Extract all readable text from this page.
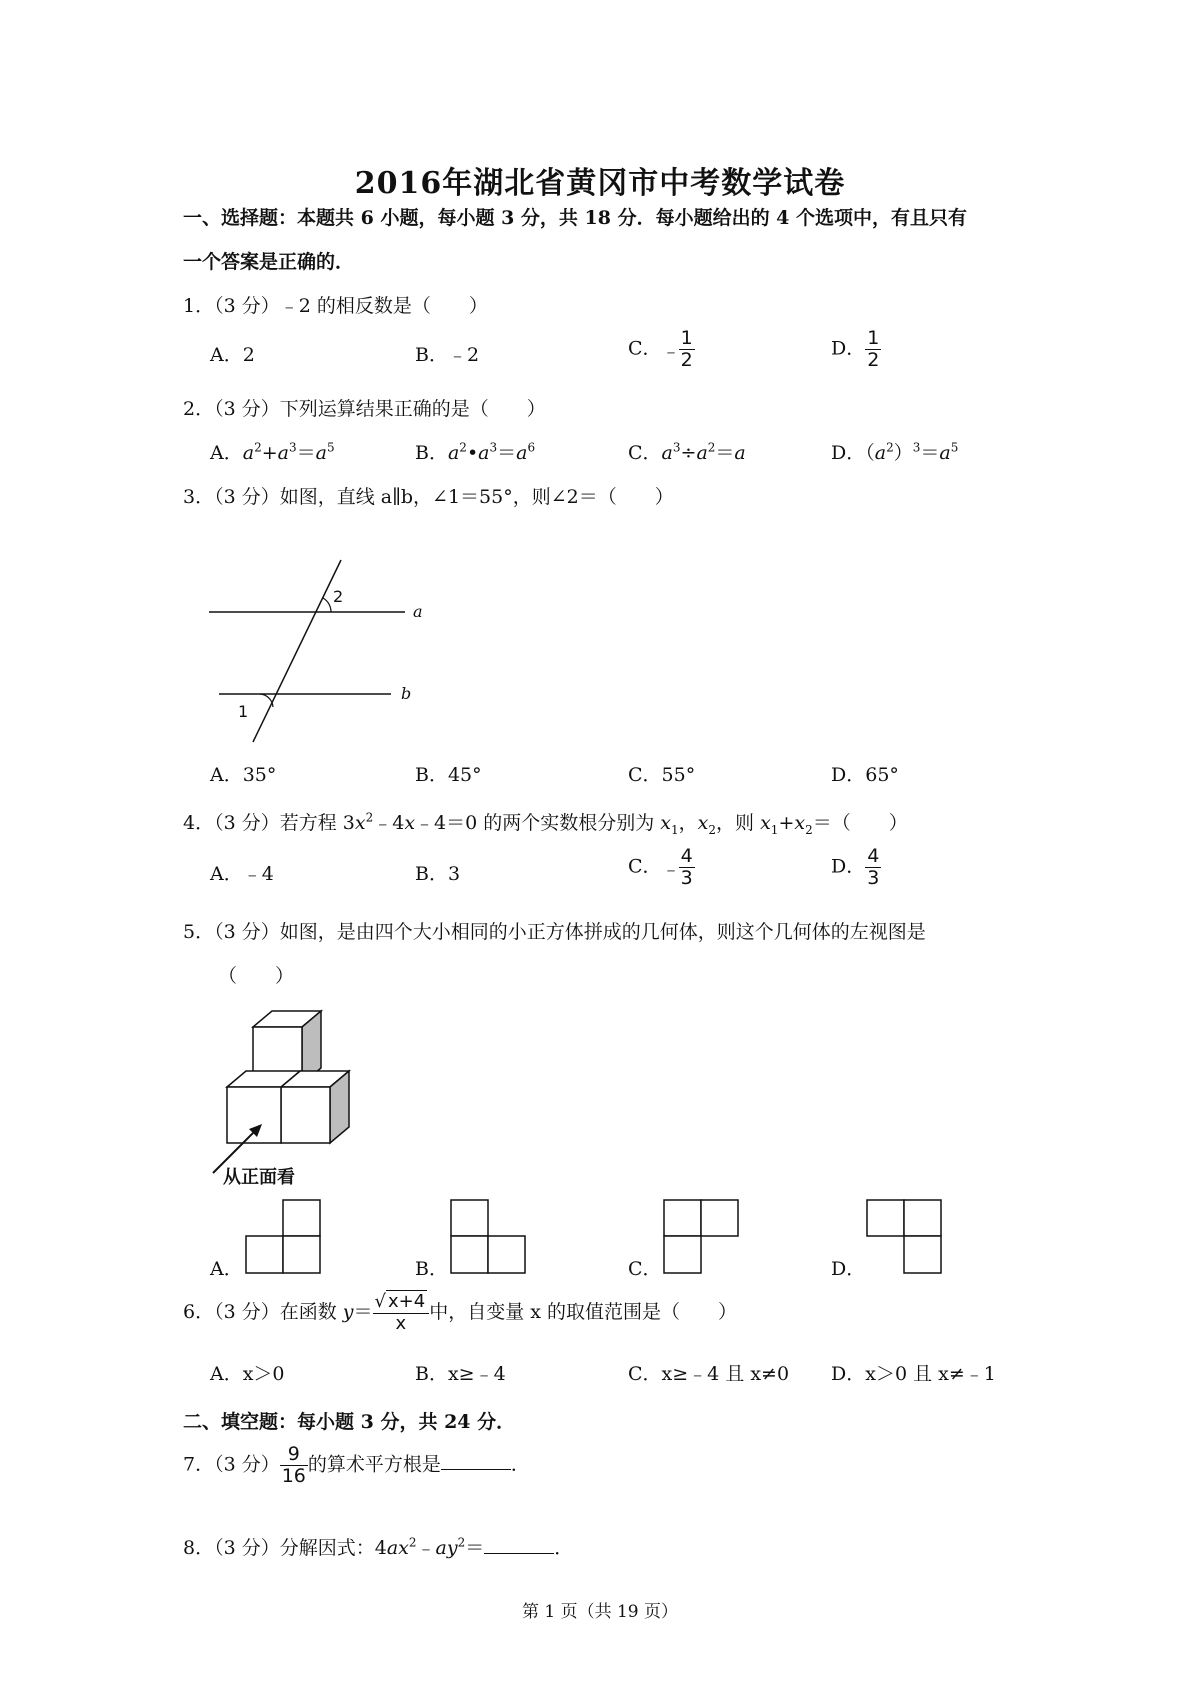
2016年湖北省黄冈市中考数学试卷
一、选择题：本题共 6 小题，每小题 3 分，共 18 分．每小题给出的 4 个选项中，有且只有
一个答案是正确的．
1．（3 分）﹣2 的相反数是（　　）
A．2	B．﹣2	C．﹣
$\frac{1}{2}$	D． $\frac{1}{2}$
2．（3 分）下列运算结果正确的是（　　）
A．$a^2+a^3=a^5$	B．$a^2•a^3=a^6$	C．$a^3\div a^2=a$	D．$(a^2)^3=a^5$
3．（3 分）如图，直线 a∥b，∠1＝55°，则∠2＝（　　）
2
1
a
b
A．35°	B．45°	C．55°	D．65°
4．（3 分）若方程 $3x^2﹣4x﹣4=0$ 的两个实数根分别为 $x_1$，$x_2$，则 $x_1+x_2=$（　　）
A．﹣4	B．3	C．﹣
$\frac{4}{3}$	D． $\frac{4}{3}$
5．（3 分）如图，是由四个大小相同的小正方体拼成的几何体，则这个几何体的左视图是
（　　）
从正面看
A．	B．	C．	D．
6．（3 分）在函数 $y= \frac{√ x+4}{x}$中，自变量 x 的取值范围是（　　）
A．x＞0	B．x≥﹣4	C．x≥﹣4 且 x≠0 D．x＞0 且 x≠﹣1
二、填空题：每小题 3 分，共 24 分．
7．（3 分） $\frac{9}{16}$ 的算术平方根是	．
8．（3 分）分解因式：$4ax^2﹣ay^2=$	．
第 1 页（共 19 页）
